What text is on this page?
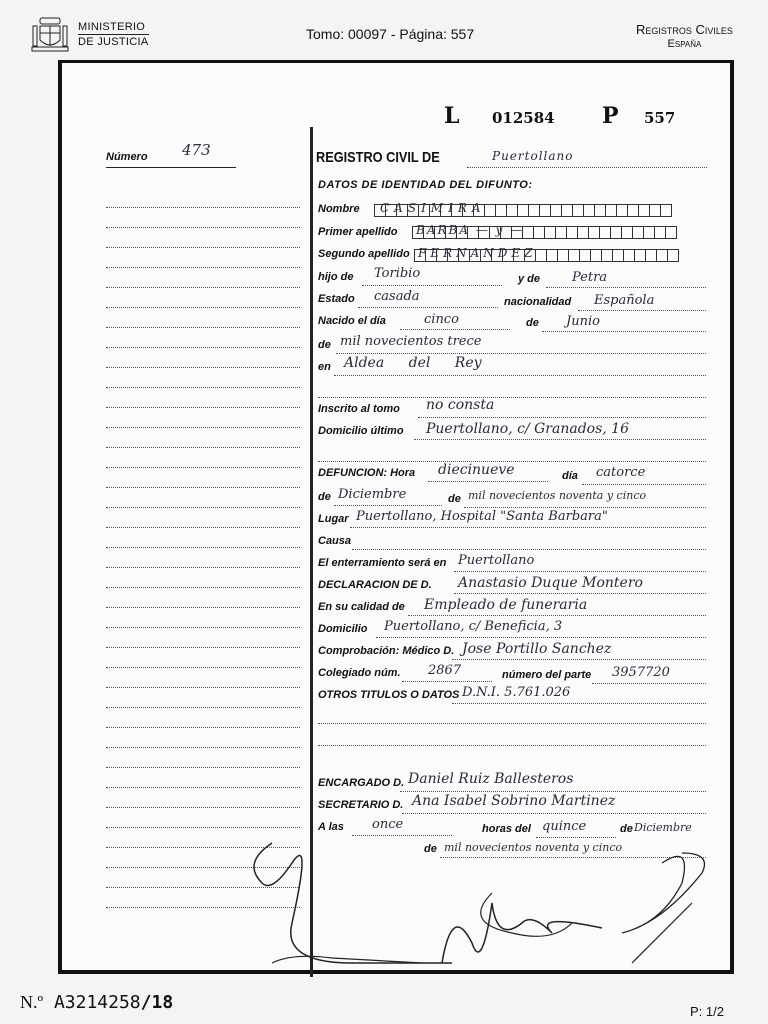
MINISTERIO
DE JUSTICIA	Tomo: 00097 - Página: 557	Registros Civiles
España
L 012584 P 557
Número 473	REGISTRO CIVIL DE	Puertollano
DATOS DE IDENTIDAD DEL DIFUNTO:
Nombre CASIMIRA
Primer apellido BARBA — y —
Segundo apellido FERNANDEZ
hijo de Toribio	y de Petra
Estado casada	nacionalidad Española
Nacido el día	cinco	de Junio
de mil novecientos trece
en Aldea del Rey
Inscrito al tomo no consta
Domicilio último Puertollano, c/ Granados, 16
DEFUNCION: Hora diecinueve	día catorce
de Diciembre	de mil novecientos noventa y cinco
Lugar Puertollano, Hospital "Santa Barbara"
Causa
El enterramiento será en Puertollano
DECLARACION DE D. Anastasio Duque Montero
En su calidad de Empleado de funeraria
Domicilio Puertollano, c/ Beneficia, 3
Comprobación: Médico D. Jose Portillo Sanchez
Colegiado núm. 2867	número del parte 3957720
OTROS TITULOS O DATOS D.N.I. 5.761.026
ENCARGADO D. Daniel Ruiz Ballesteros
SECRETARIO D. Ana Isabel Sobrino Martinez
A las once	horas del quince	de Diciembre
de mil novecientos noventa y cinco
N.º A3214258/18	P: 1/2
